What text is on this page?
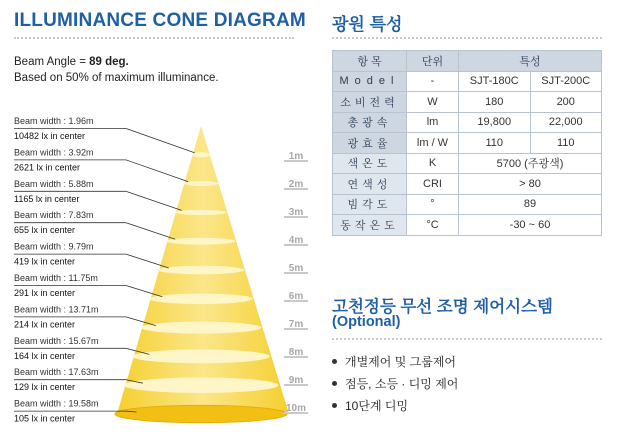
ILLUMINANCE CONE DIAGRAM
Beam Angle = 89 deg.
Based on 50% of maximum illuminance.
Beam width : 1.96m
10482 lx in center
1m
Beam width : 3.92m
2621 lx in center
2m
Beam width : 5.88m
1165 lx in center
3m
Beam width : 7.83m
655 lx in center
4m
Beam width : 9.79m
419 lx in center
5m
Beam width : 11.75m
291 lx in center	6m
Beam width : 13.71m
214 lx in center	7m
Beam width : 15.67m
164 lx in center	8m
Beam width : 17.63m
129 lx in center
9m
Beam width : 19.58m
105 lx in center
10m
광원 특성
항 목	단위	특성	
Model	-	SJT-180C	SJT-200C
소비전력	W	180	200
총광속	lm	19,800	22,000
광효율	lm / W	110	110
색온도	K	5700 (주광색)	
연색성	CRI	> 80	
빔각도	°	89	
동작온도	°C	-30 ~ 60	
고천정등 무선 조명 제어시스템
(Optional)
개별제어 및 그룹제어
점등, 소등 · 디밍 제어
10단계 디밍
